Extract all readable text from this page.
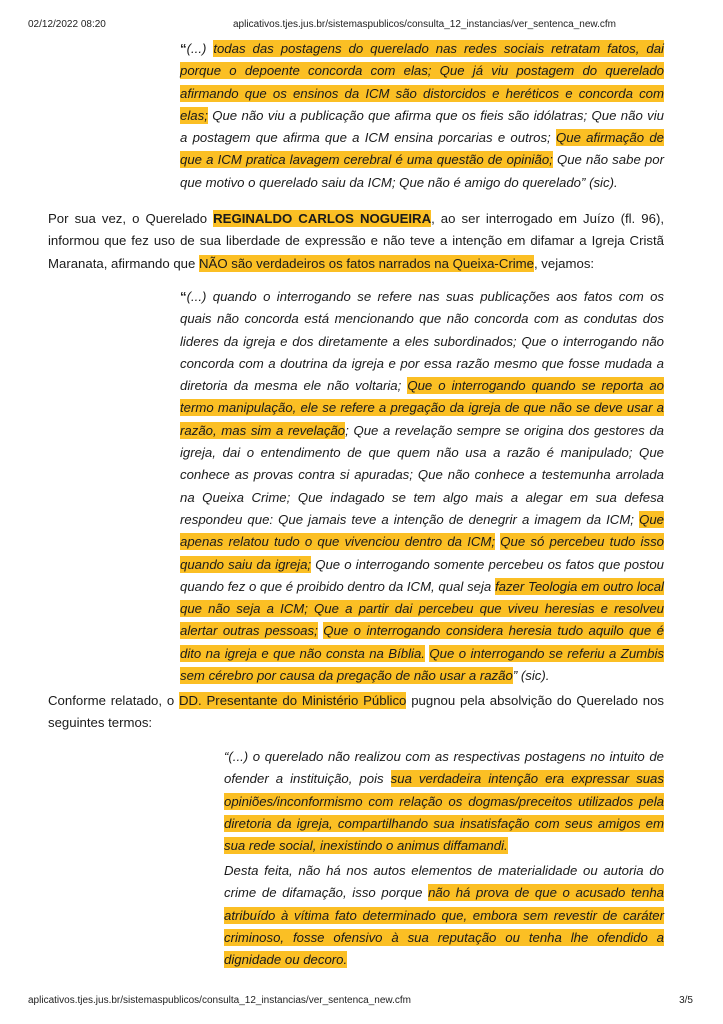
02/12/2022 08:20	aplicativos.tjes.jus.br/sistemaspublicos/consulta_12_instancias/ver_sentenca_new.cfm

“(...) todas das postagens do querelado nas redes sociais retratam fatos, dai porque o depoente concorda com elas; Que já viu postagem do querelado afirmando que os ensinos da ICM são distorcidos e heréticos e concorda com elas; Que não viu a publicação que afirma que os fieis são idólatras; Que não viu a postagem que afirma que a ICM ensina porcarias e outros; Que afirmação de que a ICM pratica lavagem cerebral é uma questão de opinião; Que não sabe por que motivo o querelado saiu da ICM; Que não é amigo do querelado” (sic).

Por sua vez, o Querelado REGINALDO CARLOS NOGUEIRA, ao ser interrogado em Juízo (fl. 96), informou que fez uso de sua liberdade de expressão e não teve a intenção em difamar a Igreja Cristã Maranata, afirmando que NÃO são verdadeiros os fatos narrados na Queixa-Crime, vejamos:

“(...) quando o interrogando se refere nas suas publicações aos fatos com os quais não concorda está mencionando que não concorda com as condutas dos lideres da igreja e dos diretamente a eles subordinados; Que o interrogando não concorda com a doutrina da igreja e por essa razão mesmo que fosse mudada a diretoria da mesma ele não voltaria; Que o interrogando quando se reporta ao termo manipulação, ele se refere a pregação da igreja de que não se deve usar a razão, mas sim a revelação; Que a revelação sempre se origina dos gestores da igreja, dai o entendimento de que quem não usa a razão é manipulado; Que conhece as provas contra si apuradas; Que não conhece a testemunha arrolada na Queixa Crime; Que indagado se tem algo mais a alegar em sua defesa respondeu que: Que jamais teve a intenção de denegrir a imagem da ICM; Que apenas relatou tudo o que vivenciou dentro da ICM; Que só percebeu tudo isso quando saiu da igreja; Que o interrogando somente percebeu os fatos que postou quando fez o que é proibido dentro da ICM, qual seja fazer Teologia em outro local que não seja a ICM; Que a partir dai percebeu que viveu heresias e resolveu alertar outras pessoas; Que o interrogando considera heresia tudo aquilo que é dito na igreja e que não consta na Bíblia. Que o interrogando se referiu a Zumbis sem cérebro por causa da pregação de não usar a razão” (sic).

Conforme relatado, o DD. Presentante do Ministério Público pugnou pela absolvição do Querelado nos seguintes termos:

“(...) o querelado não realizou com as respectivas postagens no intuito de ofender a instituição, pois sua verdadeira intenção era expressar suas opiniões/inconformismo com relação os dogmas/preceitos utilizados pela diretoria da igreja, compartilhando sua insatisfação com seus amigos em sua rede social, inexistindo o animus diffamandi.

Desta feita, não há nos autos elementos de materialidade ou autoria do crime de difamação, isso porque não há prova de que o acusado tenha atribuído à vítima fato determinado que, embora sem revestir de caráter criminoso, fosse ofensivo à sua reputação ou tenha lhe ofendido a dignidade ou decoro.

aplicativos.tjes.jus.br/sistemaspublicos/consulta_12_instancias/ver_sentenca_new.cfm	3/5
